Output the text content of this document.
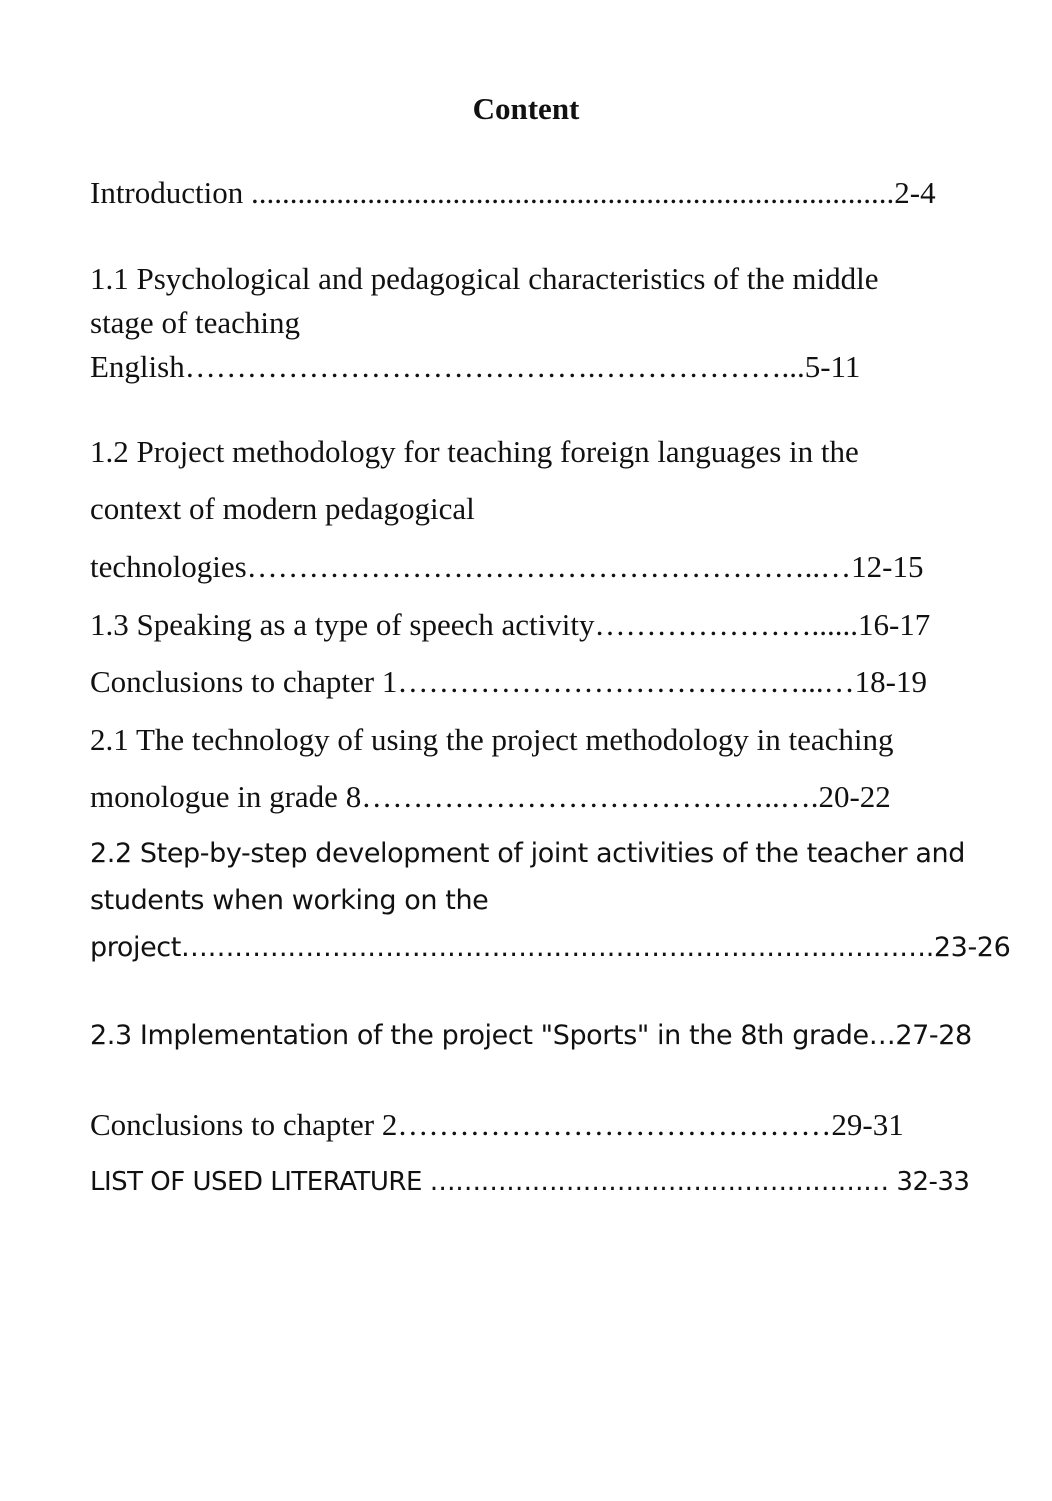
Content
Introduction ...................................................................................2-4
1.1 Psychological and pedagogical characteristics of the middle
stage of teaching
English………………………………….………………...5-11
1.2 Project methodology for teaching foreign languages in the
context of modern pedagogical
technologies………………………………………………..…12-15
1.3 Speaking as a type of speech activity…………………......16-17
Conclusions to chapter 1…………………………………...…18-19
2.1 The technology of using the project methodology in teaching
monologue in grade 8…………………………………..….20-22
2.2 Step-by-step development of joint activities of the teacher and
students when working on the
project………………………………………………………………………….23-26
2.3 Implementation of the project "Sports" in the 8th grade…27-28
Conclusions to chapter 2……………………………………29-31
LIST OF USED LITERATURE ……………………………………………… 32-33
